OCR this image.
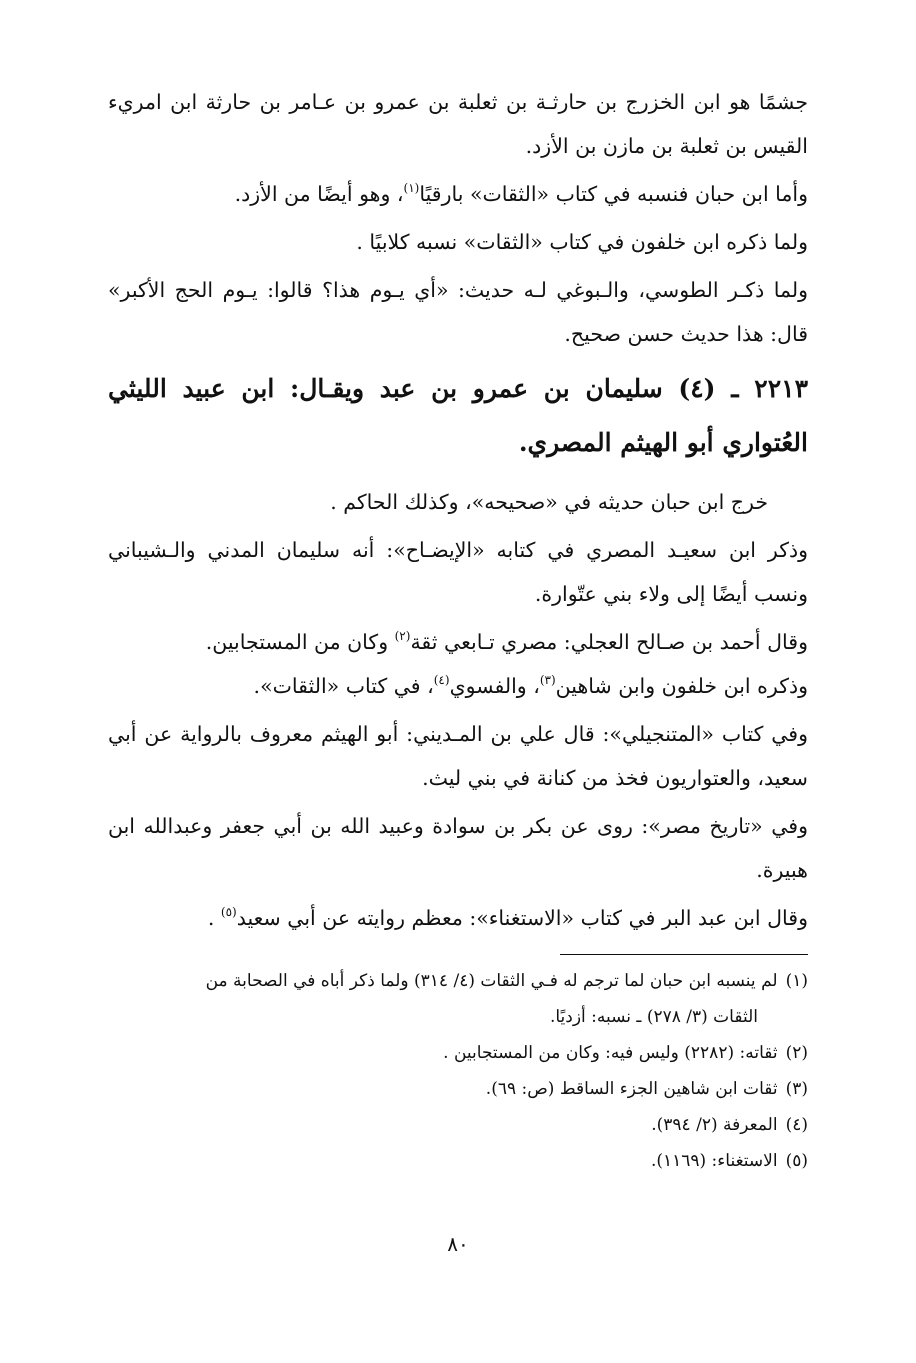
جشمًا هو ابن الخزرج بن حارثـة بن ثعلبة بن عمرو بن عـامر بن حارثة ابن امريء القيس بن ثعلبة بن مازن بن الأزد.

وأما ابن حبان فنسبه في كتاب «الثقات» بارقيًا$^{(١)}$، وهو أيضًا من الأزد.

ولما ذكره ابن خلفون في كتاب «الثقات» نسبه كلابيًا .

ولما ذكـر الطوسي، والـبوغي لـه حديث: «أي يـوم هذا؟ قالوا: يـوم الحج الأكبر» قال: هذا حديث حسن صحيح.

٢٢١٣ ـ (٤) سليمان بن عمرو بن عبد ويقـال: ابن عبيد الليثي العُتواري أبو الهيثم المصري.

خرج ابن حبان حديثه في «صحيحه»، وكذلك الحاكم .

وذكر ابن سعيـد المصري في كتابه «الإيضـاح»: أنه سليمان المدني والـشيباني ونسب أيضًا إلى ولاء بني عتّوارة.

وقال أحمد بن صـالح العجلي: مصري تـابعي ثقة$^{(٢)}$ وكان من المستجابين.

وذكره ابن خلفون وابن شاهين$^{(٣)}$، والفسوي$^{(٤)}$، في كتاب «الثقات».

وفي كتاب «المتنجيلي»: قال علي بن المـديني: أبو الهيثم معروف بالرواية عن أبي سعيد، والعتواريون فخذ من كنانة في بني ليث.

وفي «تاريخ مصر»: روى عن بكر بن سوادة وعبيد الله بن أبي جعفر وعبدالله ابن هبيرة.

وقال ابن عبد البر في كتاب «الاستغناء»: معظم روايته عن أبي سعيد$^{(٥)}$ .

(١)لم ينسبه ابن حبان لما ترجم له فـي الثقات (٤/ ٣١٤) ولما ذكر أباه في الصحابة من
الثقات (٣/ ٢٧٨) ـ نسبه: أزديًا.

(٢)ثقاته: (٢٢٨٢) وليس فيه: وكان من المستجابين .

(٣)ثقات ابن شاهين الجزء الساقط (ص: ٦٩).

(٤)المعرفة (٢/ ٣٩٤).

(٥)الاستغناء: (١١٦٩).

٨٠
